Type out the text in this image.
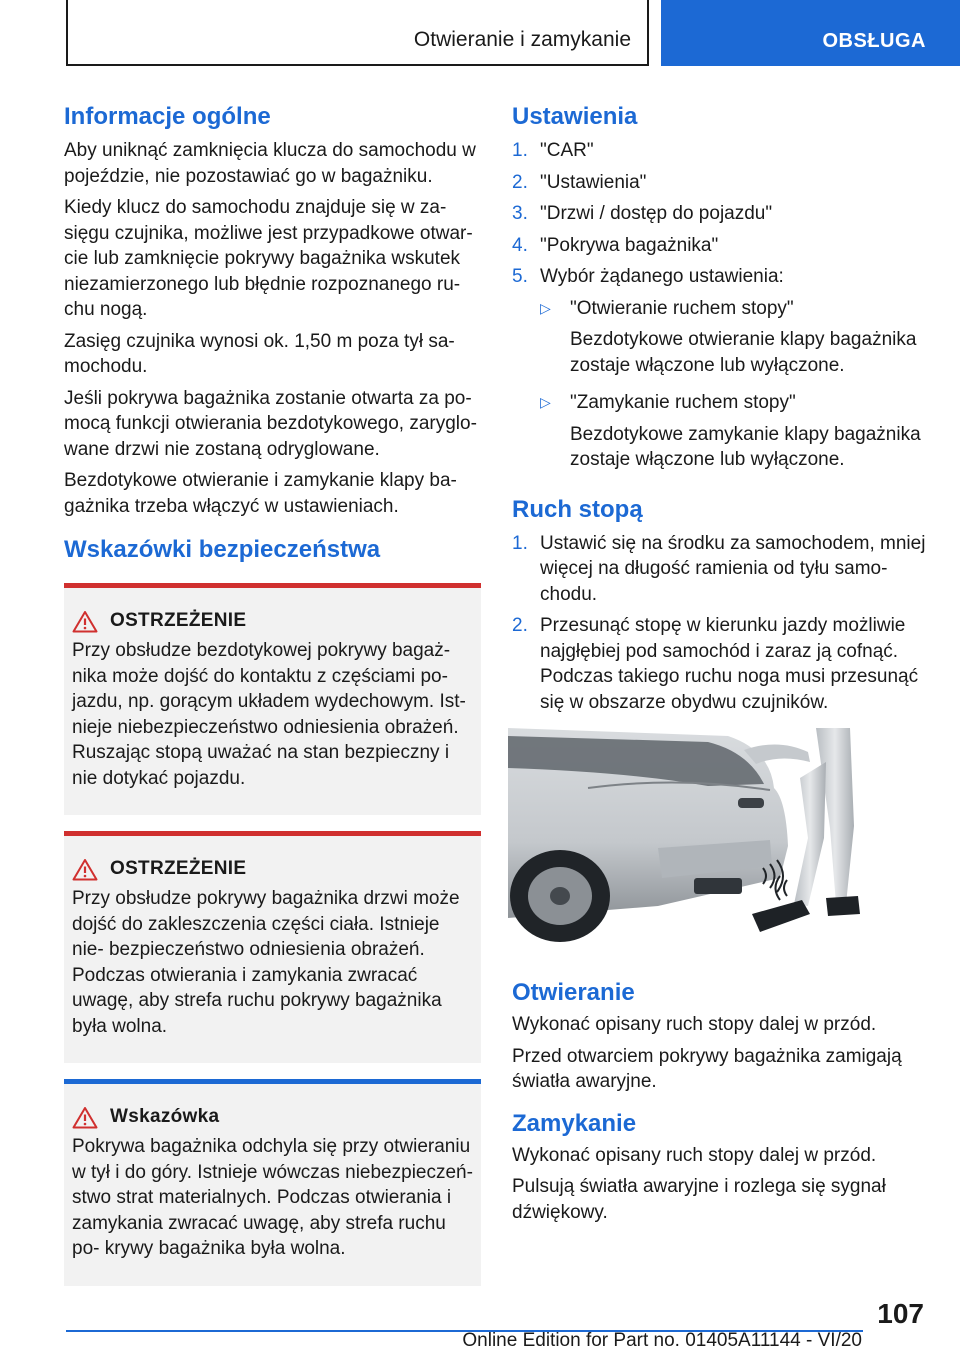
Otwieranie i zamykanie	OBSŁUGA
Informacje ogólne

Aby uniknąć zamknięcia klucza do samochodu w pojeździe, nie pozostawiać go w bagażniku.

Kiedy klucz do samochodu znajduje się w za- sięgu czujnika, możliwe jest przypadkowe otwar- cie lub zamknięcie pokrywy bagażnika wskutek niezamierzonego lub błędnie rozpoznanego ru- chu nogą.

Zasięg czujnika wynosi ok. 1,50 m poza tył sa- mochodu.

Jeśli pokrywa bagażnika zostanie otwarta za po- mocą funkcji otwierania bezdotykowego, zaryglo- wane drzwi nie zostaną odryglowane.

Bezdotykowe otwieranie i zamykanie klapy ba- gażnika trzeba włączyć w ustawieniach.

Wskazówki bezpieczeństwa
OSTRZEŻENIE

Przy obsłudze bezdotykowej pokrywy bagaż- nika może dojść do kontaktu z częściami po- jazdu, np. gorącym układem wydechowym. Ist- nieje niebezpieczeństwo odniesienia obrażeń. Ruszając stopą uważać na stan bezpieczny i nie dotykać pojazdu.

OSTRZEŻENIE

Przy obsłudze pokrywy bagażnika drzwi może dojść do zakleszczenia części ciała. Istnieje nie- bezpieczeństwo odniesienia obrażeń. Podczas otwierania i zamykania zwracać uwagę, aby strefa ruchu pokrywy bagażnika była wolna.

Wskazówka

Pokrywa bagażnika odchyla się przy otwieraniu w tył i do góry. Istnieje wówczas niebezpieczeń- stwo strat materialnych. Podczas otwierania i zamykania zwracać uwagę, aby strefa ruchu po- krywy bagażnika była wolna.

Ustawienia
1. "CAR"
2. "Ustawienia"
3. "Drzwi / dostęp do pojazdu"
4. "Pokrywa bagażnika"
5. Wybór żądanego ustawienia:
▷	"Otwieranie ruchem stopy"
Bezdotykowe otwieranie klapy bagażnika zostaje włączone lub wyłączone.
▷	"Zamykanie ruchem stopy"
Bezdotykowe zamykanie klapy bagażnika zostaje włączone lub wyłączone.
Ruch stopą
1. Ustawić się na środku za samochodem, mniej więcej na długość ramienia od tyłu samo- chodu.
2. Przesunąć stopę w kierunku jazdy możliwie najgłębiej pod samochód i zaraz ją cofnąć. Podczas takiego ruchu noga musi przesunąć się w obszarze obydwu czujników.
Otwieranie

Wykonać opisany ruch stopy dalej w przód.

Przed otwarciem pokrywy bagażnika zamigają światła awaryjne.

Zamykanie

Wykonać opisany ruch stopy dalej w przód.

Pulsują światła awaryjne i rozlega się sygnał dźwiękowy.

107
Online Edition for Part no. 01405A11144 - VI/20
